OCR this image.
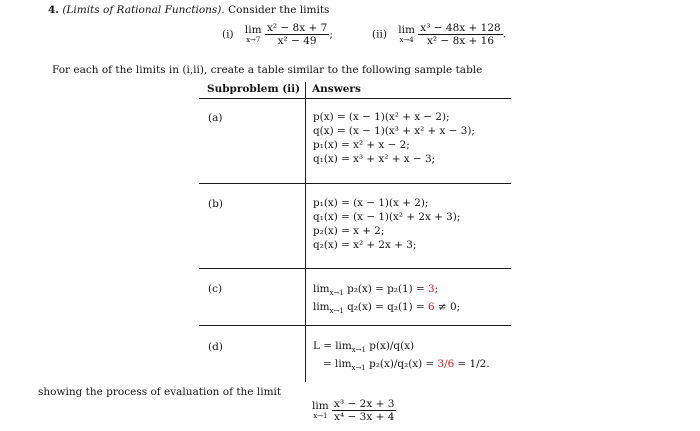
4. (Limits of Rational Functions). Consider the limits
(i) lim
x→7
$\frac{\text{x² − 8x + 7}}{\text{x² − 49}}$ ;	(ii) lim
x→4
$\frac{\text{x³ − 48x + 128}}{\text{x² − 8x + 16}}$ .
For each of the limits in (i,ii), create a table similar to the following sample table
Subproblem (ii) Answers
(a)	p(x) = (x − 1)(x² + x − 2);
q(x) = (x − 1)(x³ + x² + x − 3);
p₁(x) = x² + x − 2;
q₁(x) = x³ + x² + x − 3;
(b)	p₁(x) = (x − 1)(x + 2);
q₁(x) = (x − 1)(x² + 2x + 3);
p₂(x) = x + 2;
q₂(x) = x² + 2x + 3;
(c)	$\lim_{x\to 1} p_2(x) = p_2(1) = 3$;
$\lim_{x\to 1} q_2(x) = q_2(1) = 6 \ne 0$;
(d)	$L = \lim_{x\to 1} p(x)/q(x)$
= $\lim_{x\to 1} p_2(x)/q_2(x) = 3/6 = 1/2$.
showing the process of evaluation of the limit
lim
x→1
$\frac{\text{x³ − 2x + 3}}{\text{x⁴ − 3x + 4}}$
